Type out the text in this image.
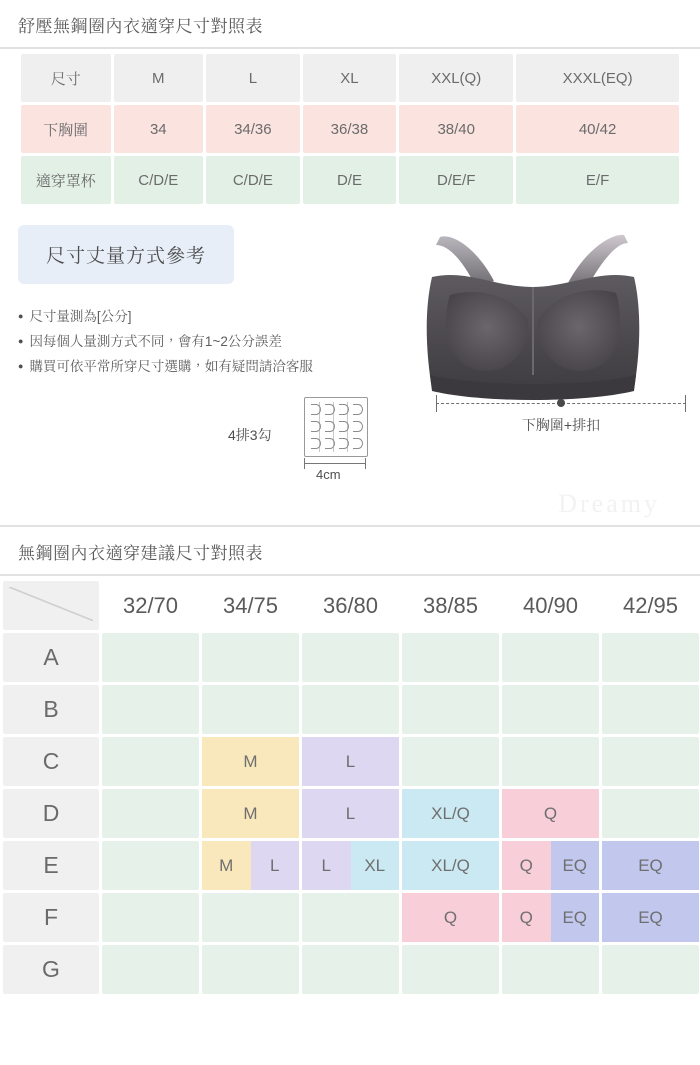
舒壓無鋼圈內衣適穿尺寸對照表
尺寸	M	L	XL	XXL(Q)	XXXL(EQ)
下胸圍	34	34/36	36/38	38/40	40/42
適穿罩杯	C/D/E	C/D/E	D/E	D/E/F	E/F
尺寸丈量方式參考
● 尺寸量測為[公分]
● 因每個人量測方式不同，會有1~2公分誤差
● 購買可依平常所穿尺寸選購，如有疑問請洽客服
下胸圍+排扣
4排3勾
4cm
Dreamy
無鋼圈內衣適穿建議尺寸對照表
	32/70	34/75	36/80	38/85	40/90	42/95
A						
B						
C		M	L			

D		M	L	XL/Q	Q	

E		M L	L XL	XL/Q	Q EQ	EQ

F				Q	Q EQ	EQ

G						
